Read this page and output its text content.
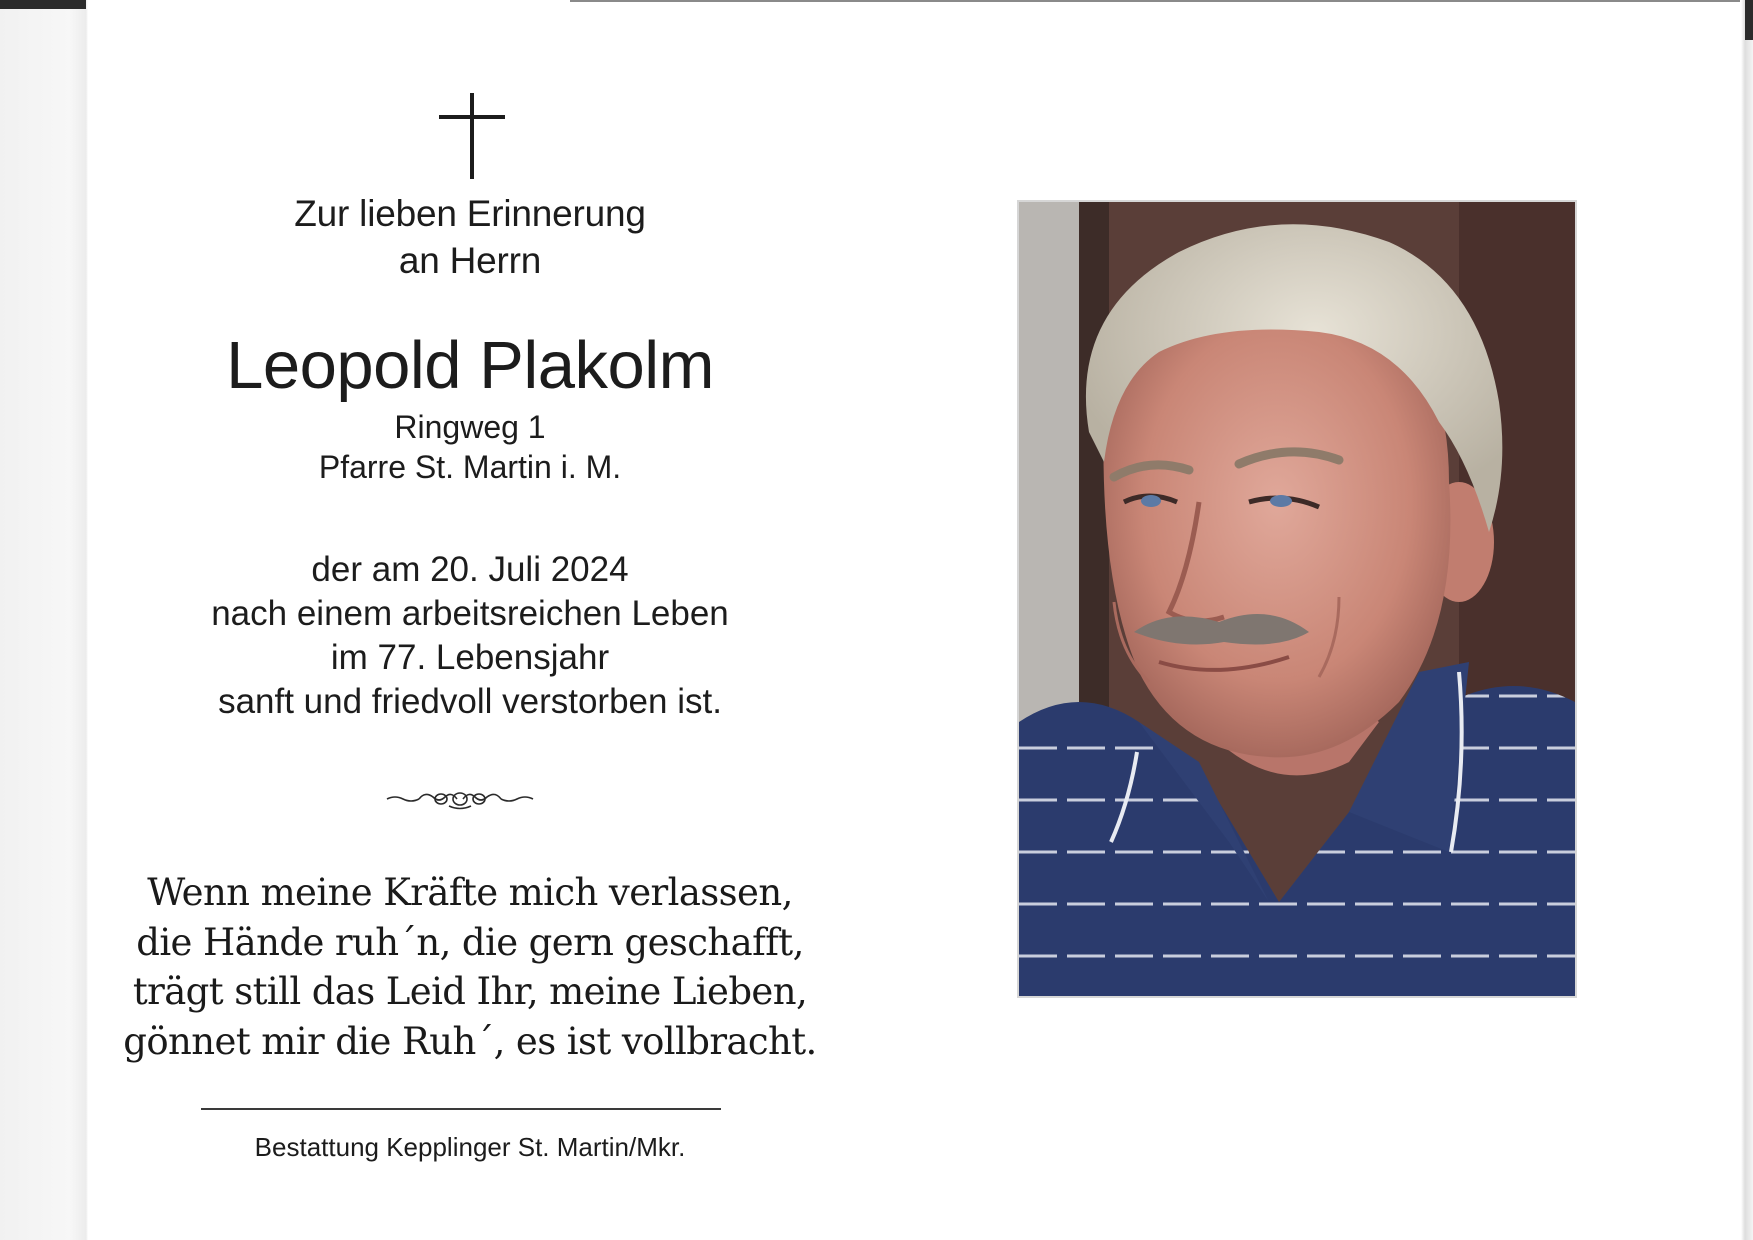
Zur lieben Erinnerung
an Herrn
Leopold Plakolm
Ringweg 1
Pfarre St. Martin i. M.
der am 20. Juli 2024
nach einem arbeitsreichen Leben
im 77. Lebensjahr
sanft und friedvoll verstorben ist.
Wenn meine Kräfte mich verlassen,
die Hände ruh´n, die gern geschafft,
trägt still das Leid Ihr, meine Lieben,
gönnet mir die Ruh´, es ist vollbracht.
Bestattung Kepplinger St. Martin/Mkr.
